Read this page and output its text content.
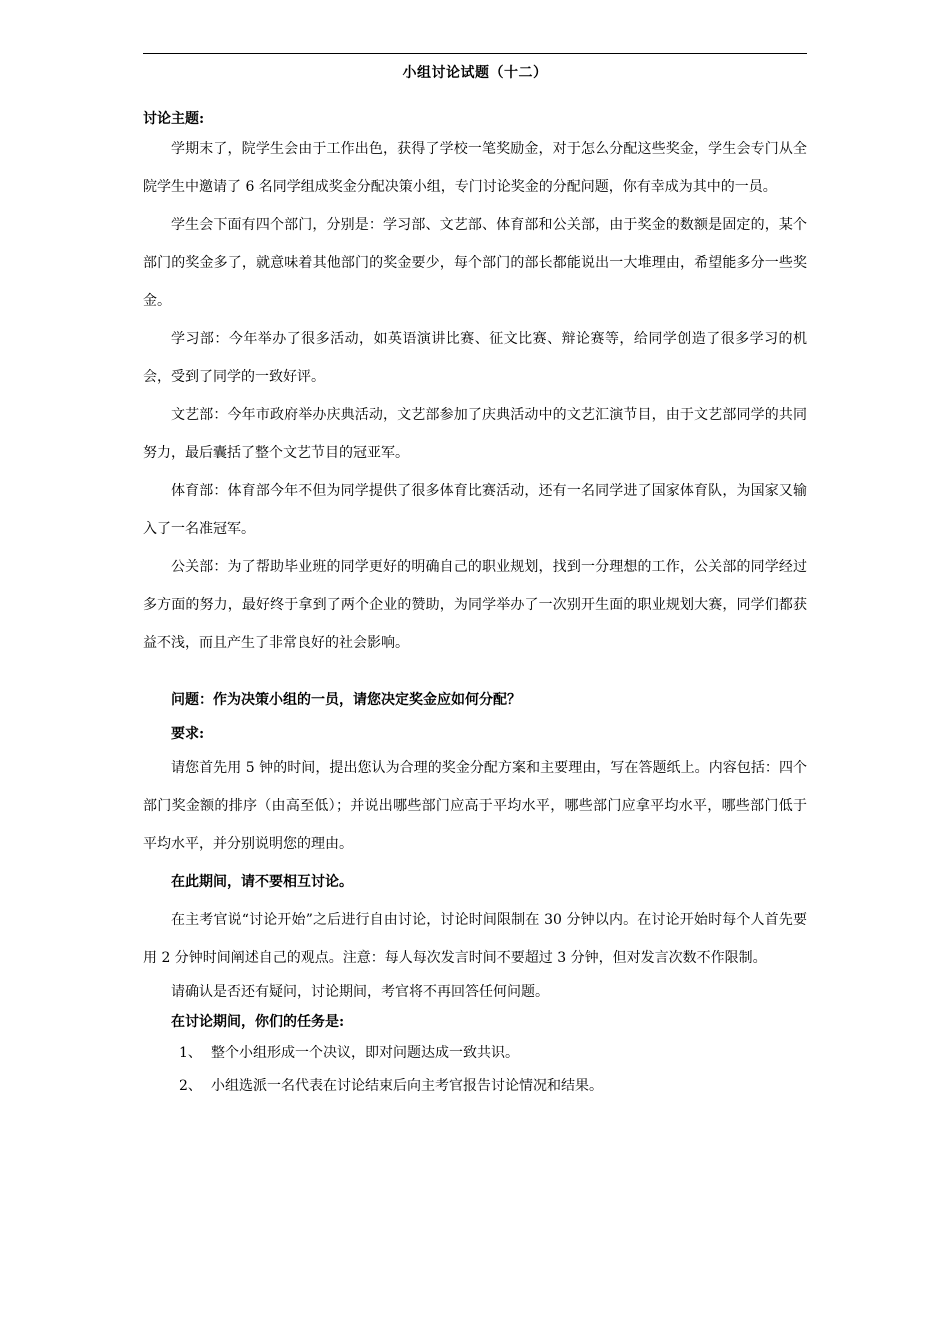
小组讨论试题（十二）
讨论主题:

学期末了，院学生会由于工作出色，获得了学校一笔奖励金，对于怎么分配这些奖金，学生会专门从全院学生中邀请了 6 名同学组成奖金分配决策小组，专门讨论奖金的分配问题，你有幸成为其中的一员。

学生会下面有四个部门，分别是：学习部、文艺部、体育部和公关部，由于奖金的数额是固定的，某个部门的奖金多了，就意味着其他部门的奖金要少，每个部门的部长都能说出一大堆理由，希望能多分一些奖金。

学习部：今年举办了很多活动，如英语演讲比赛、征文比赛、辩论赛等，给同学创造了很多学习的机会，受到了同学的一致好评。

文艺部：今年市政府举办庆典活动，文艺部参加了庆典活动中的文艺汇演节目，由于文艺部同学的共同努力，最后囊括了整个文艺节目的冠亚军。

体育部：体育部今年不但为同学提供了很多体育比赛活动，还有一名同学进了国家体育队，为国家又输入了一名准冠军。

公关部：为了帮助毕业班的同学更好的明确自己的职业规划，找到一分理想的工作，公关部的同学经过多方面的努力，最好终于拿到了两个企业的赞助，为同学举办了一次别开生面的职业规划大赛，同学们都获益不浅，而且产生了非常良好的社会影响。

问题：作为决策小组的一员，请您决定奖金应如何分配？
要求:

请您首先用 5 钟的时间，提出您认为合理的奖金分配方案和主要理由，写在答题纸上。内容包括：四个部门奖金额的排序（由高至低）；并说出哪些部门应高于平均水平，哪些部门应拿平均水平，哪些部门低于平均水平，并分别说明您的理由。

在此期间，请不要相互讨论。

在主考官说“讨论开始”之后进行自由讨论，讨论时间限制在 30 分钟以内。在讨论开始时每个人首先要用 2 分钟时间阐述自己的观点。注意：每人每次发言时间不要超过 3 分钟，但对发言次数不作限制。

请确认是否还有疑问，讨论期间，考官将不再回答任何问题。

在讨论期间，你们的任务是:
1、 整个小组形成一个决议，即对问题达成一致共识。
2、 小组选派一名代表在讨论结束后向主考官报告讨论情况和结果。
